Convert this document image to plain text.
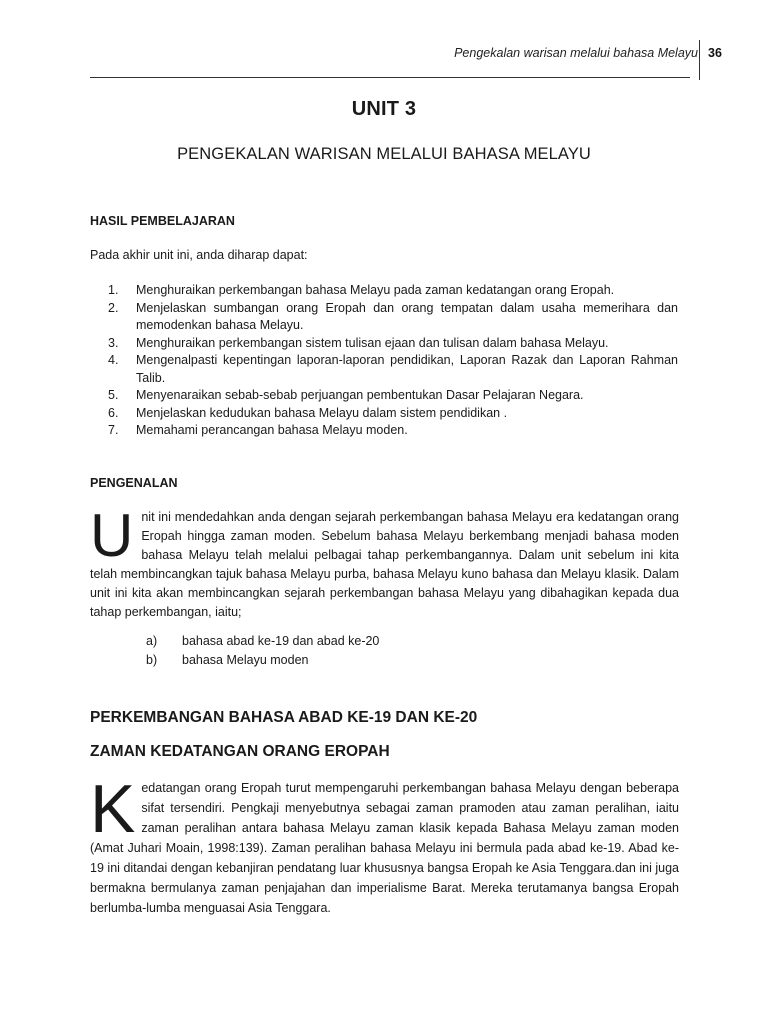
Pengekalan warisan melalui bahasa Melayu 36
UNIT 3
PENGEKALAN WARISAN MELALUI BAHASA MELAYU
HASIL PEMBELAJARAN
Pada akhir unit ini, anda diharap dapat:
1.	Menghuraikan perkembangan bahasa Melayu pada zaman kedatangan orang Eropah.
2.	Menjelaskan sumbangan orang Eropah dan orang tempatan dalam usaha memerihara dan memodenkan bahasa Melayu.
3.	Menghuraikan perkembangan sistem tulisan ejaan dan tulisan dalam bahasa Melayu.
4.	Mengenalpasti kepentingan laporan-laporan pendidikan, Laporan Razak dan Laporan Rahman Talib.
5.	Menyenaraikan sebab-sebab perjuangan pembentukan Dasar Pelajaran Negara.
6.	Menjelaskan kedudukan bahasa Melayu dalam sistem pendidikan .
7.	Memahami perancangan bahasa Melayu moden.
PENGENALAN
Unit ini mendedahkan anda dengan sejarah perkembangan bahasa Melayu era kedatangan orang Eropah hingga zaman moden. Sebelum bahasa Melayu berkembang menjadi bahasa moden bahasa Melayu telah melalui pelbagai tahap perkembangannya. Dalam unit sebelum ini kita telah membincangkan tajuk bahasa Melayu purba, bahasa Melayu kuno bahasa dan Melayu klasik. Dalam unit ini kita akan membincangkan sejarah perkembangan bahasa Melayu yang dibahagikan kepada dua tahap perkembangan, iaitu;
a)	bahasa abad ke-19 dan abad ke-20
b)	bahasa Melayu moden
PERKEMBANGAN BAHASA ABAD KE-19 DAN KE-20
ZAMAN KEDATANGAN ORANG EROPAH
Kedatangan orang Eropah turut mempengaruhi perkembangan bahasa Melayu dengan beberapa sifat tersendiri. Pengkaji menyebutnya sebagai zaman pramoden atau zaman peralihan, iaitu zaman peralihan antara bahasa Melayu zaman klasik kepada Bahasa Melayu zaman moden (Amat Juhari Moain, 1998:139). Zaman peralihan bahasa Melayu ini bermula pada abad ke-19. Abad ke-19 ini ditandai dengan kebanjiran pendatang luar khususnya bangsa Eropah ke Asia Tenggara.dan ini juga bermakna bermulanya zaman penjajahan dan imperialisme Barat. Mereka terutamanya bangsa Eropah berlumba-lumba menguasai Asia Tenggara.
